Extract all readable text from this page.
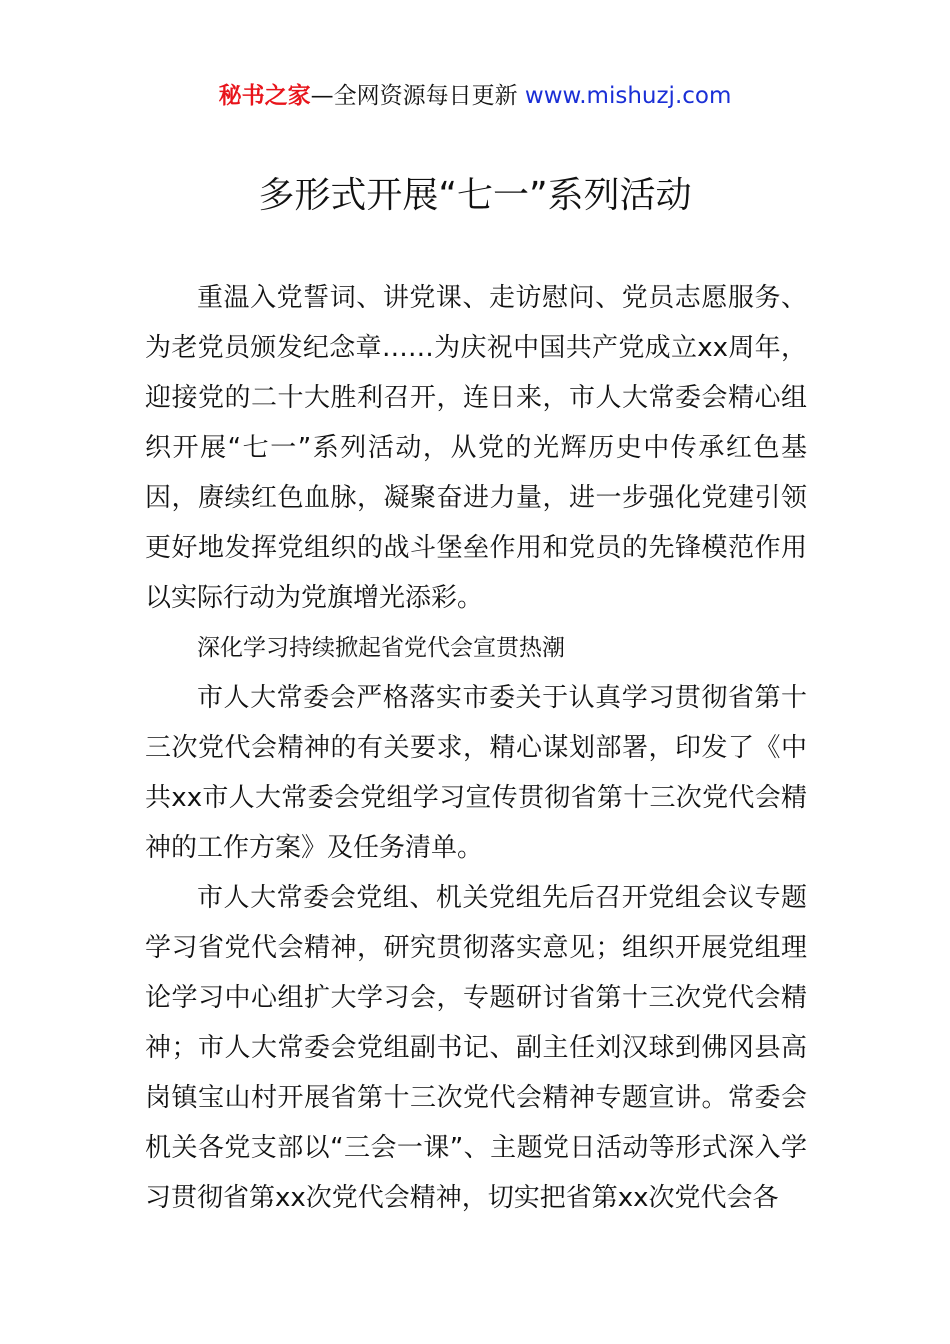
秘书之家—全网资源每日更新 www.mishuzj.com
多形式开展“七一”系列活动

重温入党誓词、讲党课、走访慰问、党员志愿服务、为老党员颁发纪念章……为庆祝中国共产党成立xx周年，迎接党的二十大胜利召开，连日来，市人大常委会精心组织开展“七一”系列活动，从党的光辉历史中传承红色基因，赓续红色血脉，凝聚奋进力量，进一步强化党建引领更好地发挥党组织的战斗堡垒作用和党员的先锋模范作用以实际行动为党旗增光添彩。

深化学习持续掀起省党代会宣贯热潮

市人大常委会严格落实市委关于认真学习贯彻省第十三次党代会精神的有关要求，精心谋划部署，印发了《中共xx市人大常委会党组学习宣传贯彻省第十三次党代会精神的工作方案》及任务清单。

市人大常委会党组、机关党组先后召开党组会议专题学习省党代会精神，研究贯彻落实意见；组织开展党组理论学习中心组扩大学习会，专题研讨省第十三次党代会精神；市人大常委会党组副书记、副主任刘汉球到佛冈县高岗镇宝山村开展省第十三次党代会精神专题宣讲。常委会机关各党支部以“三会一课”、主题党日活动等形式深入学习贯彻省第xx次党代会精神，切实把省第xx次党代会各
